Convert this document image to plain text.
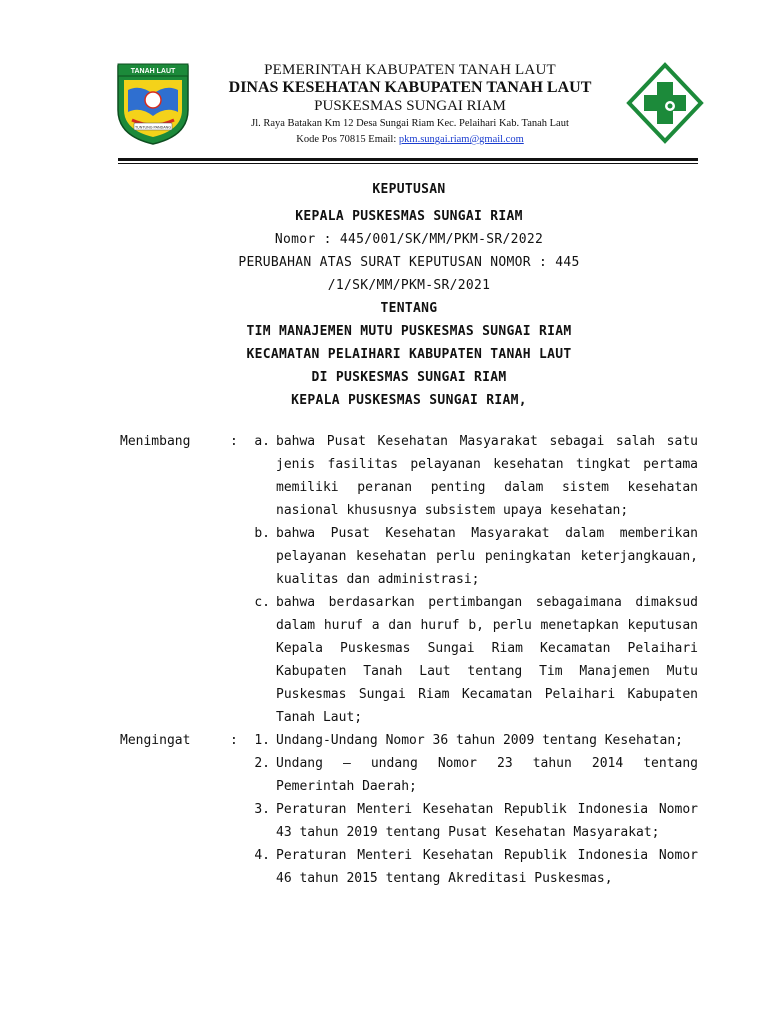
TANAH LAUT
TUNTUNG PANDANG
PEMERINTAH KABUPATEN TANAH LAUT
DINAS KESEHATAN KABUPATEN TANAH LAUT
PUSKESMAS SUNGAI RIAM
Jl. Raya Batakan Km 12 Desa Sungai Riam Kec. Pelaihari Kab. Tanah Laut
Kode Pos 70815 Email: pkm.sungai.riam@gmail.com
KEPUTUSAN
KEPALA PUSKESMAS SUNGAI RIAM
Nomor : 445/001/SK/MM/PKM-SR/2022
PERUBAHAN ATAS SURAT KEPUTUSAN NOMOR : 445
/1/SK/MM/PKM-SR/2021
TENTANG
TIM MANAJEMEN MUTU PUSKESMAS SUNGAI RIAM
KECAMATAN PELAIHARI KABUPATEN TANAH LAUT
DI PUSKESMAS SUNGAI RIAM
KEPALA PUSKESMAS SUNGAI RIAM,
Menimbang	:	a. bahwa Pusat Kesehatan Masyarakat sebagai salah satu jenis fasilitas pelayanan kesehatan tingkat pertama memiliki peranan penting dalam sistem kesehatan nasional khususnya subsistem upaya kesehatan;
b. bahwa Pusat Kesehatan Masyarakat dalam memberikan pelayanan kesehatan perlu peningkatan keterjangkauan, kualitas dan administrasi;
c. bahwa berdasarkan pertimbangan sebagaimana dimaksud dalam huruf a dan huruf b, perlu menetapkan keputusan Kepala Puskesmas Sungai Riam Kecamatan Pelaihari Kabupaten Tanah Laut tentang Tim Manajemen Mutu Puskesmas Sungai Riam Kecamatan Pelaihari Kabupaten Tanah Laut;
Mengingat	:	1. Undang-Undang Nomor 36 tahun 2009 tentang Kesehatan;
2. Undang – undang Nomor 23 tahun 2014 tentang Pemerintah Daerah;
3. Peraturan Menteri Kesehatan Republik Indonesia Nomor 43 tahun 2019 tentang Pusat Kesehatan Masyarakat;
4. Peraturan Menteri Kesehatan Republik Indonesia Nomor 46 tahun 2015 tentang Akreditasi Puskesmas,
